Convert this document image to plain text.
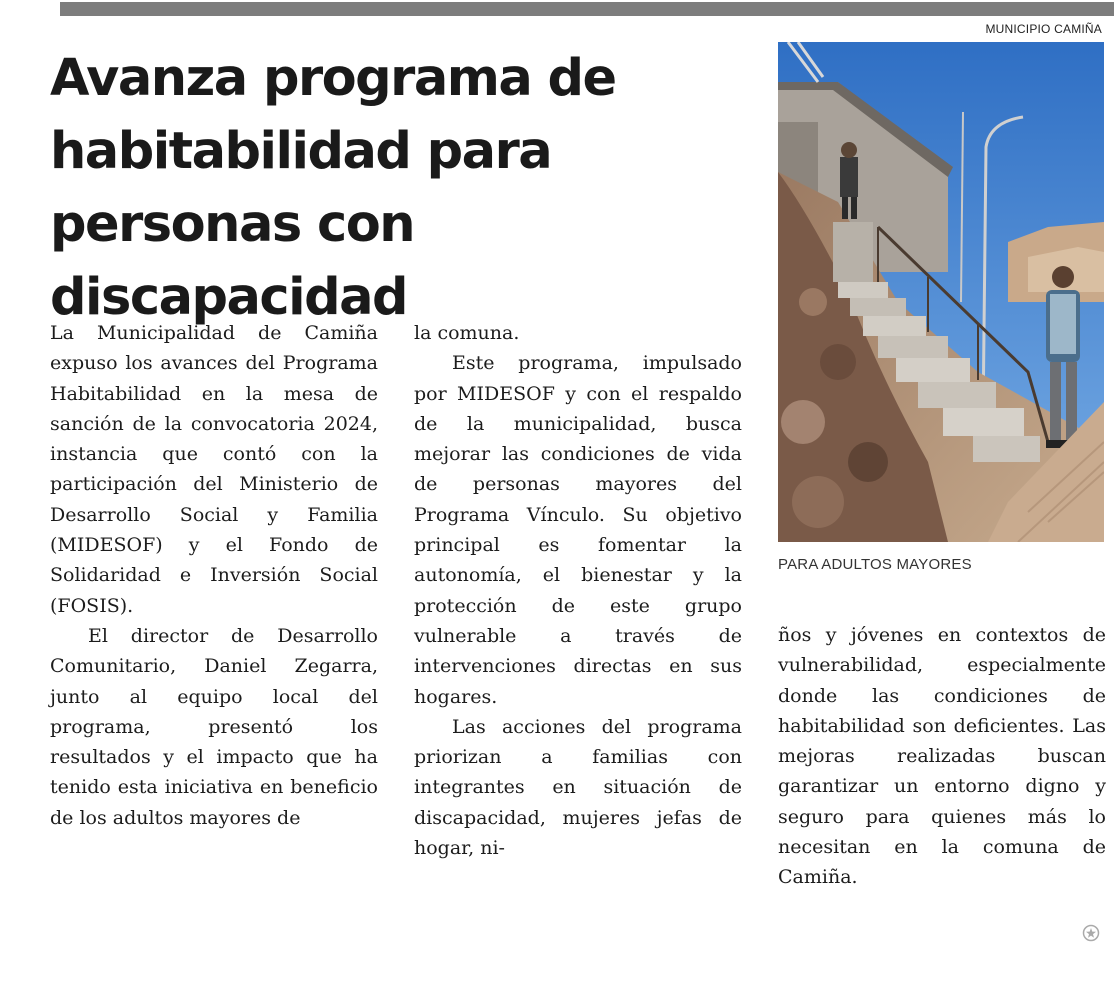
MUNICIPIO CAMIÑA
Avanza programa de habitabilidad para personas con discapacidad
PARA ADULTOS MAYORES

La Municipalidad de Camiña expuso los avances del Programa Habitabilidad en la mesa de sanción de la convocatoria 2024, instancia que contó con la participación del Ministerio de Desarrollo Social y Familia (MIDESOF) y el Fondo de Solidaridad e Inversión Social (FOSIS).

El director de Desarrollo Comunitario, Daniel Zegarra, junto al equipo local del programa, presentó los resultados y el impacto que ha tenido esta iniciativa en beneficio de los adultos mayores de

la comuna.

Este programa, impulsado por MIDESOF y con el respaldo de la municipalidad, busca mejorar las condiciones de vida de personas mayores del Programa Vínculo. Su objetivo principal es fomentar la autonomía, el bienestar y la protección de este grupo vulnerable a través de intervenciones directas en sus hogares.

Las acciones del programa priorizan a familias con integrantes en situación de discapacidad, mujeres jefas de hogar, ni-

ños y jóvenes en contextos de vulnerabilidad, especialmente donde las condiciones de habitabilidad son deficientes. Las mejoras realizadas buscan garantizar un entorno digno y seguro para quienes más lo necesitan en la comuna de Camiña.
